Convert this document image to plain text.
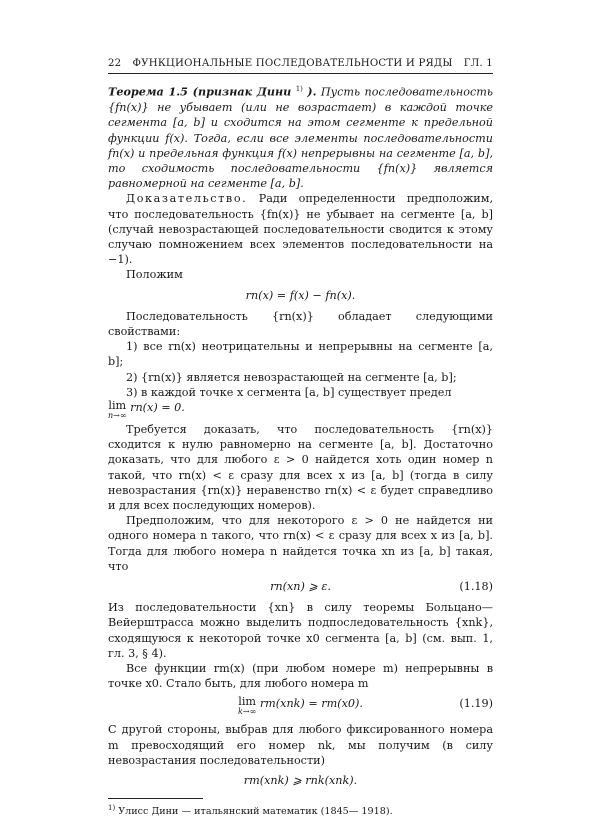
22 ФУНКЦИОНАЛЬНЫЕ ПОСЛЕДОВАТЕЛЬНОСТИ И РЯДЫ ГЛ. 1

Теорема 1.5 (признак Дини $^{1)}$ ). Пусть последовательность {fn(x)} не убывает (или не возрастает) в каждой точке сегмента [a, b] и сходится на этом сегменте к предельной функции f(x). Тогда, если все элементы последовательности fn(x) и предельная функция f(x) непрерывны на сегменте [a, b], то сходимость последовательности {fn(x)} является равномерной на сегменте [a, b].

Доказательство. Ради определенности предположим, что последовательность {fn(x)} не убывает на сегменте [a, b] (случай невозрастающей последовательности сводится к этому случаю помножением всех элементов последовательности на −1).

Положим

rn(x) = f(x) − fn(x).

Последовательность {rn(x)} обладает следующими свойствами:

1) все rn(x) неотрицательны и непрерывны на сегменте [a, b];

2) {rn(x)} является невозрастающей на сегменте [a, b];

3) в каждой точке x сегмента [a, b] существует предел

lim
n→∞
rn(x) = 0.

Требуется доказать, что последовательность {rn(x)} сходится к нулю равномерно на сегменте [a, b]. Достаточно доказать, что для любого ε > 0 найдется хоть один номер n такой, что rn(x) < ε сразу для всех x из [a, b] (тогда в силу невозрастания {rn(x)} неравенство rn(x) < ε будет справедливо и для всех последующих номеров).

Предположим, что для некоторого ε > 0 не найдется ни одного номера n такого, что rn(x) < ε сразу для всех x из [a, b]. Тогда для любого номера n найдется точка xn из [a, b] такая, что

rn(xn) ⩾ ε.	(1.18)

Из последовательности {xn} в силу теоремы Больцано—Вейерштрасса можно выделить подпоследовательность {xnk}, сходящуюся к некоторой точке x0 сегмента [a, b] (см. вып. 1, гл. 3, § 4).

Все функции rm(x) (при любом номере m) непрерывны в точке x0. Стало быть, для любого номера m

lim
k→∞
rm(xnk) = rm(x0).	(1.19)

С другой стороны, выбрав для любого фиксированного номера m превосходящий его номер nk, мы получим (в силу невозрастания последовательности)

rm(xnk) ⩾ rnk(xnk).

$^{1)}$ Улисс Дини — итальянский математик (1845— 1918).
